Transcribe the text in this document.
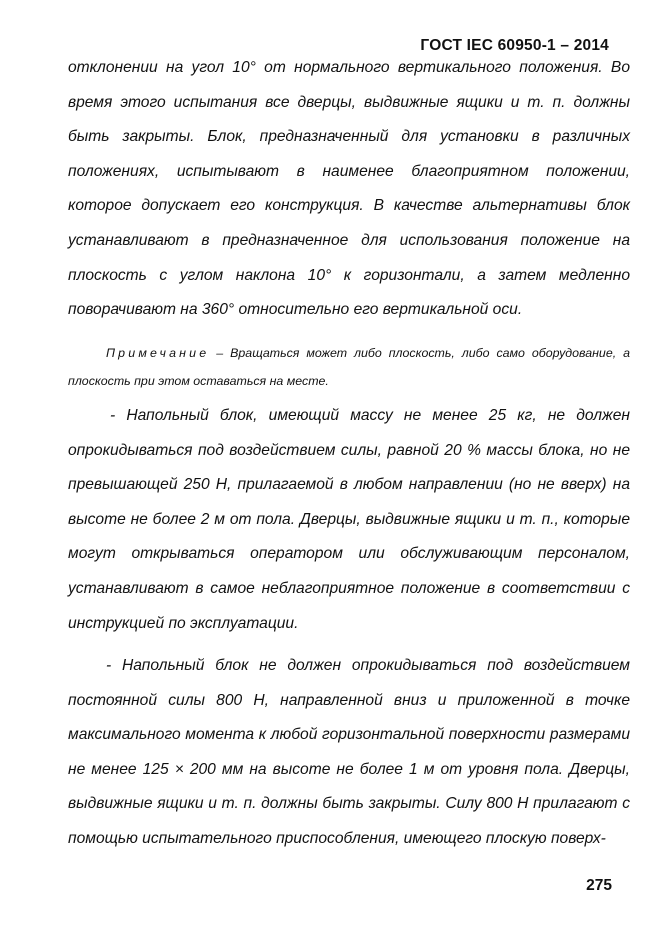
ГОСТ IEC 60950-1 – 2014
отклонении на угол 10° от нормального вертикального положения. Во время этого испытания все дверцы, выдвижные ящики и т. п. должны быть закрыты. Блок, предназначенный для установки в различных положениях, испытывают в наименее благоприятном положении, которое допускает его конструкция. В качестве альтернативы блок устанавливают в предназначенное для использования положение на плоскость с углом наклона 10° к горизонтали, а затем медленно поворачивают на 360° относительно его вертикальной оси.
Примечание – Вращаться может либо плоскость, либо само оборудование, а плоскость при этом оставаться на месте.
- Напольный блок, имеющий массу не менее 25 кг, не должен опрокидываться под воздействием силы, равной 20 % массы блока, но не превышающей 250 Н, прилагаемой в любом направлении (но не вверх) на высоте не более 2 м от пола. Дверцы, выдвижные ящики и т. п., которые могут открываться оператором или обслуживающим персоналом, устанавливают в самое неблагоприятное положение в соответствии с инструкцией по эксплуатации.
- Напольный блок не должен опрокидываться под воздействием постоянной силы 800 Н, направленной вниз и приложенной в точке максимального момента к любой горизонтальной поверхности размерами не менее 125 × 200 мм на высоте не более 1 м от уровня пола. Дверцы, выдвижные ящики и т. п. должны быть закрыты. Силу 800 Н прилагают с помощью испытательного приспособления, имеющего плоскую поверх-
275
